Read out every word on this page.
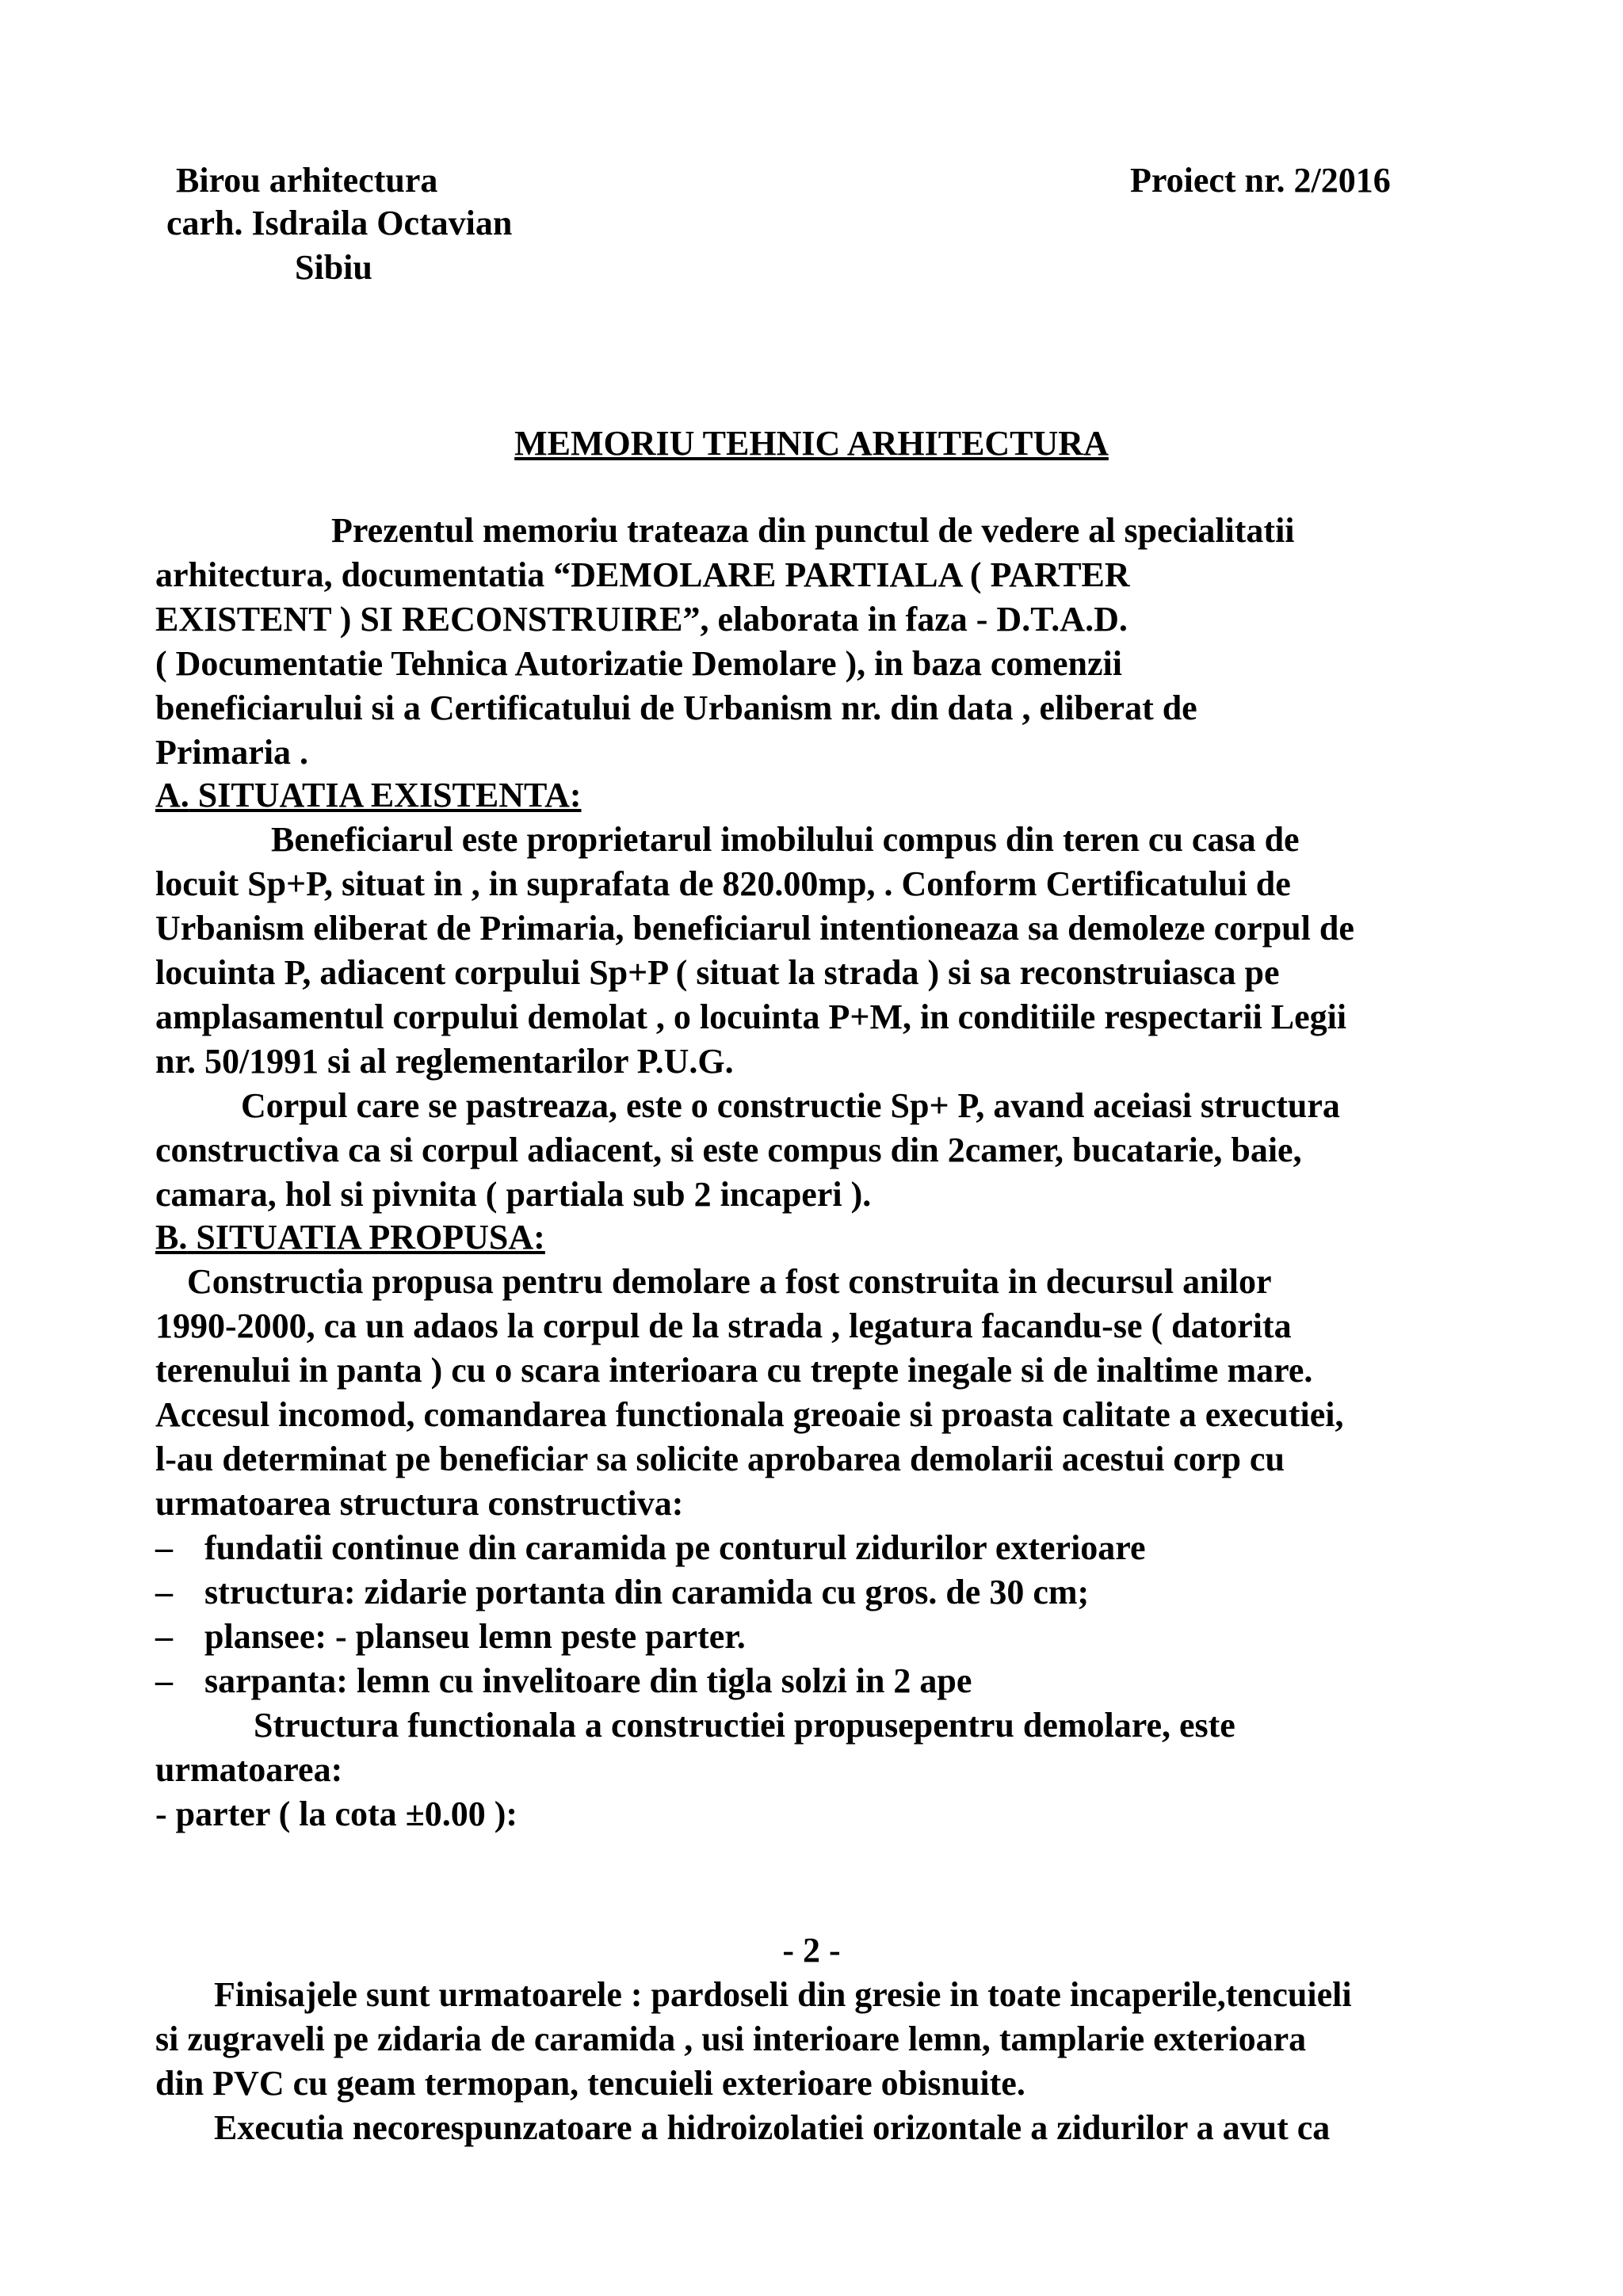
Birou arhitectura
carh. Isdraila Octavian
Sibiu
Proiect nr. 2/2016
MEMORIU TEHNIC ARHITECTURA
Prezentul memoriu trateaza din punctul de vedere al specialitatii
arhitectura, documentatia “DEMOLARE PARTIALA ( PARTER
EXISTENT ) SI RECONSTRUIRE”, elaborata in faza - D.T.A.D.
( Documentatie Tehnica Autorizatie Demolare ), in baza comenzii
beneficiarului si a Certificatului de Urbanism nr. din data , eliberat de
Primaria .
A. SITUATIA EXISTENTA:
Beneficiarul este proprietarul imobilului compus din teren cu casa de
locuit Sp+P, situat in , in suprafata de 820.00mp, . Conform Certificatului de
Urbanism eliberat de Primaria, beneficiarul intentioneaza sa demoleze corpul de
locuinta P, adiacent corpului Sp+P ( situat la strada ) si sa reconstruiasca pe
amplasamentul corpului demolat , o locuinta P+M, in conditiile respectarii Legii
nr. 50/1991 si al reglementarilor P.U.G.
Corpul care se pastreaza, este o constructie Sp+ P, avand aceiasi structura
constructiva ca si corpul adiacent, si este compus din 2camer, bucatarie, baie,
camara, hol si pivnita ( partiala sub 2 incaperi ).
B. SITUATIA PROPUSA:
Constructia propusa pentru demolare a fost construita in decursul anilor
1990-2000, ca un adaos la corpul de la strada , legatura facandu-se ( datorita
terenului in panta ) cu o scara interioara cu trepte inegale si de inaltime mare.
Accesul incomod, comandarea functionala greoaie si proasta calitate a executiei,
l-au determinat pe beneficiar sa solicite aprobarea demolarii acestui corp cu
urmatoarea structura constructiva:
– fundatii continue din caramida pe conturul zidurilor exterioare
– structura: zidarie portanta din caramida cu gros. de 30 cm;
– plansee: - planseu lemn peste parter.
– sarpanta: lemn cu invelitoare din tigla solzi in 2 ape
Structura functionala a constructiei propusepentru demolare, este
urmatoarea:
- parter ( la cota ±0.00 ):
- 2 -
Finisajele sunt urmatoarele : pardoseli din gresie in toate incaperile,tencuieli
si zugraveli pe zidaria de caramida , usi interioare lemn, tamplarie exterioara
din PVC cu geam termopan, tencuieli exterioare obisnuite.
Executia necorespunzatoare a hidroizolatiei orizontale a zidurilor a avut ca
